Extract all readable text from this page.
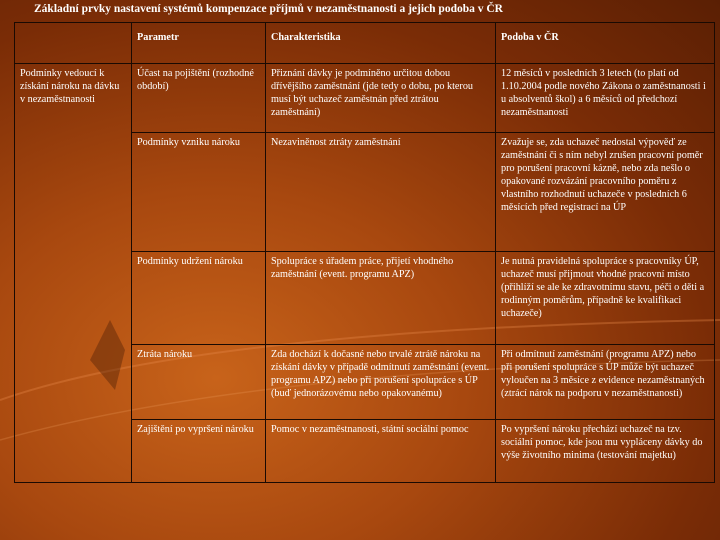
Základní prvky nastavení systémů kompenzace příjmů v nezaměstnanosti a jejich podoba v ČR
	Parametr	Charakteristika	Podoba v ČR
Podmínky vedoucí k získání nároku na dávku v nezaměstnanosti	Účast na pojištění (rozhodné období)	Přiznání dávky je podmíněno určitou dobou dřívějšího zaměstnání (jde tedy o dobu, po kterou musí být uchazeč zaměstnán před ztrátou zaměstnání)	12 měsíců v posledních 3 letech (to platí od 1.10.2004 podle nového Zákona o zaměstnanosti i u absolventů škol) a 6 měsíců od předchozí nezaměstnanosti
	Podmínky vzniku nároku	Nezaviněnost ztráty zaměstnání	Zvažuje se, zda uchazeč nedostal výpověď ze zaměstnání či s ním nebyl zrušen pracovní poměr pro porušení pracovní kázně, nebo zda nešlo o opakované rozvázání pracovního poměru z vlastního rozhodnutí uchazeče v posledních 6 měsících před registrací na ÚP
	Podmínky udržení nároku	Spolupráce s úřadem práce, přijetí vhodného zaměstnání (event. programu APZ)	Je nutná pravidelná spolupráce s pracovníky ÚP, uchazeč musí přijmout vhodné pracovní místo (přihlíží se ale ke zdravotnímu stavu, péči o děti a rodinným poměrům, případně ke kvalifikaci uchazeče)
	Ztráta nároku	Zda dochází k dočasné nebo trvalé ztrátě nároku na získání dávky v případě odmítnutí zaměstnání (event. programu APZ) nebo při porušení spolupráce s ÚP (buď jednorázovému nebo opakovanému)	Při odmítnutí zaměstnání (programu APZ) nebo při porušení spolupráce s ÚP může být uchazeč vyloučen na 3 měsíce z evidence nezaměstnaných (ztrácí nárok na podporu v nezaměstnanosti)
	Zajištění po vypršení nároku	Pomoc v nezaměstnanosti, státní sociální pomoc	Po vypršení nároku přechází uchazeč na tzv. sociální pomoc, kde jsou mu vypláceny dávky do výše životního minima (testování majetku)
